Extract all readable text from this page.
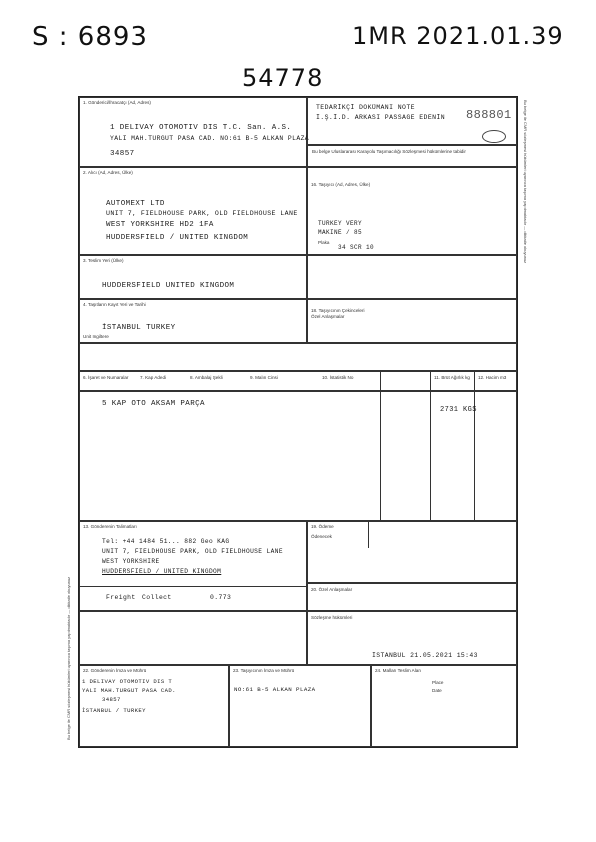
S : 6893	1MR 2021.01.39
54778
Bu belge ile CMR sözleşmesi hükümleri uyarınca taşıma yapılmaktadır — dikkatle okuyunuz
Bu belge ile CMR sözleşmesi hükümleri uyarınca taşıma yapılmaktadır — dikkatle okuyunuz
1. Gönderici/İhracatçı (Ad, Adres)
1 DELIVAY OTOMOTIV DIS T.C. San. A.S.
YALI MAH.TURGUT PASA CAD. NO:61 B-5 ALKAN PLAZA
34857
TEDARİKÇİ DOKÜMANI NOTE
İ.Ş.İ.D. ARKASI PASSAGE EDENİN 888801
Bu belge Uluslararası Karayolu Taşımacılığı Sözleşmesi hükümlerine tabidir
2. Alıcı (Ad, Adres, Ülke)
AUTOMEXT LTD
UNIT 7, FIELDHOUSE PARK, OLD FIELDHOUSE LANE
WEST YORKSHIRE HD2 1FA
HUDDERSFIELD / UNITED KINGDOM
16. Taşıyıcı (Ad, Adres, Ülke)
TURKEY VERY
MAKINE / 85
Plaka
34 SCR 10
3. Teslim Yeri (Ülke)
HUDDERSFIELD UNITED KINGDOM
4. Taşıtların Kayıt Yeri ve Tarihi
İSTANBUL TURKEY
Unit Ingiltere
18. Taşıyıcının Çekinceleri
Özel Anlaşmalar
6. İşaret ve Numaralar	7. Kap Adedi	8. Ambalaj Şekli	9. Malın Cinsi	10. İstatistik No	11. Brüt Ağırlık kg 12. Hacim m3
5 KAP OTO AKSAM PARÇA
2731 KGS
13. Gönderenin Talimatları
Tel: +44 1484 51... 882 Geo KAG
UNIT 7, FIELDHOUSE PARK, OLD FIELDHOUSE LANE
WEST YORKSHIRE
HUDDERSFIELD / UNITED KINGDOM
Freight Collect	0.773
19. Ödeme
Ödenecek
20. Özel Anlaşmalar
Sözleşme hükümleri
İSTANBUL 21.05.2021 15:43
22. Gönderenin İmza ve Mührü
1 DELIVAY OTOMOTIV DIS T
YALI MAH.TURGUT PASA CAD.
34857
İSTANBUL / TURKEY
23. Taşıyıcının İmza ve Mührü
NO:61 B-5 ALKAN PLAZA
24. Malları Teslim Alan
Place
Date
